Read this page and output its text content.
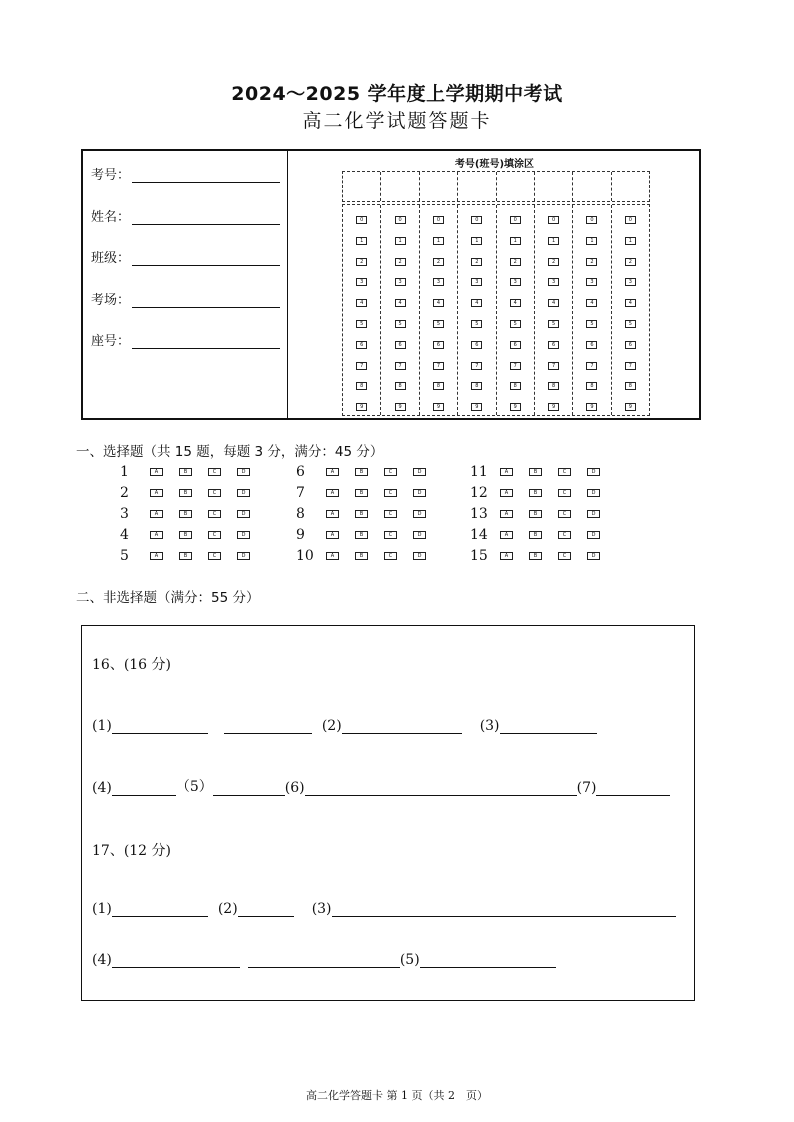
2024～2025 学年度上学期期中考试
高二化学试题答题卡
考号：
姓名：
班级：
考场：
座号：
考号(班号)填涂区
0
1
2
3
4
5
6
7
8
9
0
1
2
3
4
5
6
7
8
9
0
1
2
3
4
5
6
7
8
9
0
1
2
3
4
5
6
7
8
9
0
1
2
3
4
5
6
7
8
9
0
1
2
3
4
5
6
7
8
9
0
1
2
3
4
5
6
7
8
9
0
1
2
3
4
5
6
7
8
9
一、选择题（共 15 题，每题 3 分，满分：45 分）
1	A	B	C	D
2	A	B	C	D
3	A	B	C	D
4	A	B	C	D
5	A	B	C	D
6	A	B	C	D
7	A	B	C	D
8	A	B	C	D
9	A	B	C	D
10	A	B	C	D
11	A	B	C	D
12	A	B	C	D
13	A	B	C	D
14	A	B	C	D
15	A	B	C	D
二、非选择题（满分：55 分）
16、(16 分)
(1)	(2)	(3)
(4)	（5）	(6)	(7)
17、(12 分)
(1)	(2)	(3)
(4)	(5)
高二化学答题卡 第 1 页（共 2　页）
